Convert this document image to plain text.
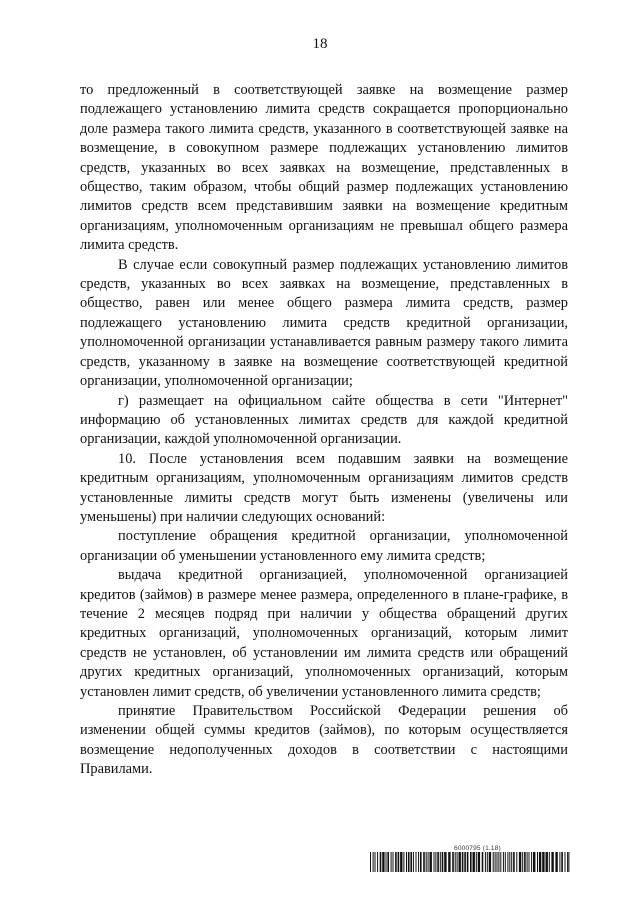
18

то предложенный в соответствующей заявке на возмещение размер подлежащего установлению лимита средств сокращается пропорционально доле размера такого лимита средств, указанного в соответствующей заявке на возмещение, в совокупном размере подлежащих установлению лимитов средств, указанных во всех заявках на возмещение, представленных в общество, таким образом, чтобы общий размер подлежащих установлению лимитов средств всем представившим заявки на возмещение кредитным организациям, уполномоченным организациям не превышал общего размера лимита средств.

В случае если совокупный размер подлежащих установлению лимитов средств, указанных во всех заявках на возмещение, представленных в общество, равен или менее общего размера лимита средств, размер подлежащего установлению лимита средств кредитной организации, уполномоченной организации устанавливается равным размеру такого лимита средств, указанному в заявке на возмещение соответствующей кредитной организации, уполномоченной организации;

г) размещает на официальном сайте общества в сети "Интернет" информацию об установленных лимитах средств для каждой кредитной организации, каждой уполномоченной организации.

10. После установления всем подавшим заявки на возмещение кредитным организациям, уполномоченным организациям лимитов средств установленные лимиты средств могут быть изменены (увеличены или уменьшены) при наличии следующих оснований:

поступление обращения кредитной организации, уполномоченной организации об уменьшении установленного ему лимита средств;

выдача кредитной организацией, уполномоченной организацией кредитов (займов) в размере менее размера, определенного в плане-графике, в течение 2 месяцев подряд при наличии у общества обращений других кредитных организаций, уполномоченных организаций, которым лимит средств не установлен, об установлении им лимита средств или обращений других кредитных организаций, уполномоченных организаций, которым установлен лимит средств, об увеличении установленного лимита средств;

принятие Правительством Российской Федерации решения об изменении общей суммы кредитов (займов), по которым осуществляется возмещение недополученных доходов в соответствии с настоящими Правилами.

6000795 (1.18)
